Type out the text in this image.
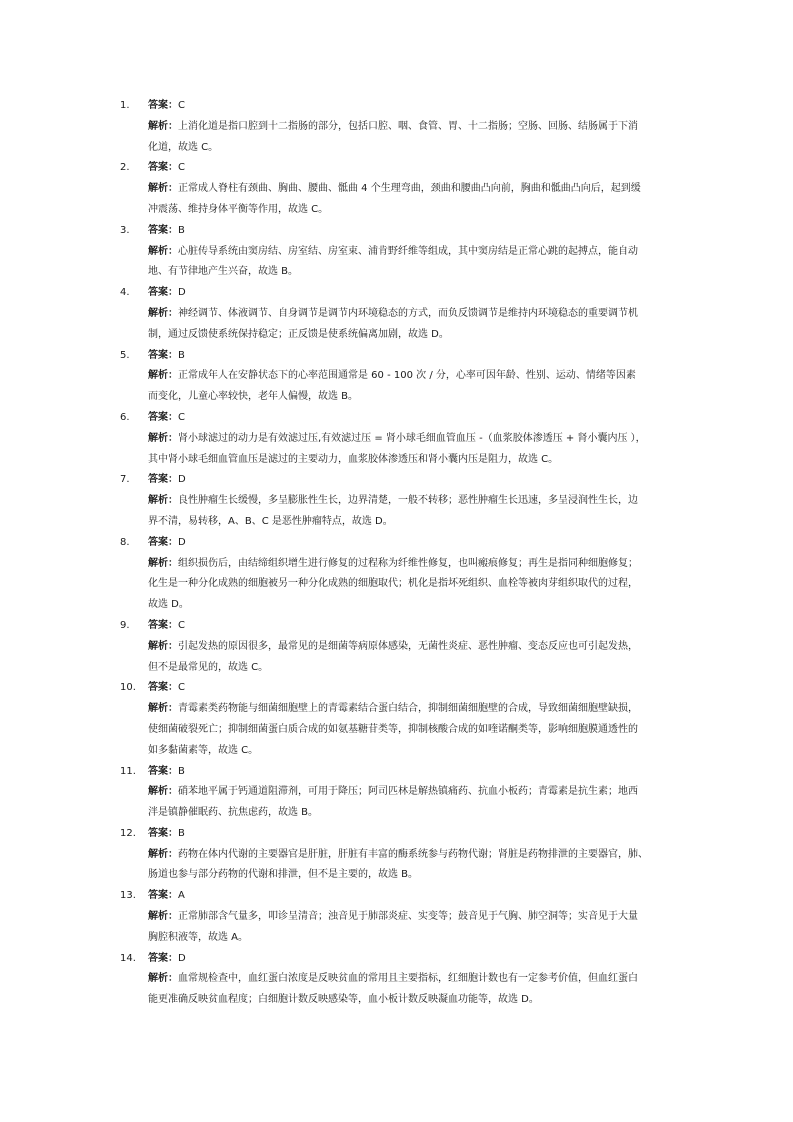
1.	答案：C
解析：上消化道是指口腔到十二指肠的部分，包括口腔、咽、食管、胃、十二指肠；空肠、回肠、结肠属于下消
化道，故选 C。
2.	答案：C
解析：正常成人脊柱有颈曲、胸曲、腰曲、骶曲 4 个生理弯曲，颈曲和腰曲凸向前，胸曲和骶曲凸向后，起到缓
冲震荡、维持身体平衡等作用，故选 C。
3.	答案：B
解析：心脏传导系统由窦房结、房室结、房室束、浦肯野纤维等组成，其中窦房结是正常心跳的起搏点，能自动
地、有节律地产生兴奋，故选 B。
4.	答案：D
解析：神经调节、体液调节、自身调节是调节内环境稳态的方式，而负反馈调节是维持内环境稳态的重要调节机
制，通过反馈使系统保持稳定；正反馈是使系统偏离加剧，故选 D。
5.	答案：B
解析：正常成年人在安静状态下的心率范围通常是 60 - 100 次 / 分，心率可因年龄、性别、运动、情绪等因素
而变化，儿童心率较快，老年人偏慢，故选 B。
6.	答案：C
解析：肾小球滤过的动力是有效滤过压,有效滤过压 = 肾小球毛细血管血压 -（血浆胶体渗透压 + 肾小囊内压 ），
其中肾小球毛细血管血压是滤过的主要动力，血浆胶体渗透压和肾小囊内压是阻力，故选 C。
7.	答案：D
解析：良性肿瘤生长缓慢，多呈膨胀性生长，边界清楚，一般不转移；恶性肿瘤生长迅速，多呈浸润性生长，边
界不清，易转移，A、B、C 是恶性肿瘤特点，故选 D。
8.	答案：D
解析：组织损伤后，由结缔组织增生进行修复的过程称为纤维性修复，也叫瘢痕修复；再生是指同种细胞修复；
化生是一种分化成熟的细胞被另一种分化成熟的细胞取代；机化是指坏死组织、血栓等被肉芽组织取代的过程，
故选 D。
9.	答案：C
解析：引起发热的原因很多，最常见的是细菌等病原体感染，无菌性炎症、恶性肿瘤、变态反应也可引起发热，
但不是最常见的，故选 C。
10.	答案：C
解析：青霉素类药物能与细菌细胞壁上的青霉素结合蛋白结合，抑制细菌细胞壁的合成，导致细菌细胞壁缺损，
使细菌破裂死亡；抑制细菌蛋白质合成的如氨基糖苷类等，抑制核酸合成的如喹诺酮类等，影响细胞膜通透性的
如多黏菌素等，故选 C。
11.	答案：B
解析：硝苯地平属于钙通道阻滞剂，可用于降压；阿司匹林是解热镇痛药、抗血小板药；青霉素是抗生素；地西
泮是镇静催眠药、抗焦虑药，故选 B。
12.	答案：B
解析：药物在体内代谢的主要器官是肝脏，肝脏有丰富的酶系统参与药物代谢；肾脏是药物排泄的主要器官，肺、
肠道也参与部分药物的代谢和排泄，但不是主要的，故选 B。
13.	答案：A
解析：正常肺部含气量多，叩诊呈清音；浊音见于肺部炎症、实变等；鼓音见于气胸、肺空洞等；实音见于大量
胸腔积液等，故选 A。
14.	答案：D
解析：血常规检查中，血红蛋白浓度是反映贫血的常用且主要指标，红细胞计数也有一定参考价值，但血红蛋白
能更准确反映贫血程度；白细胞计数反映感染等，血小板计数反映凝血功能等，故选 D。
